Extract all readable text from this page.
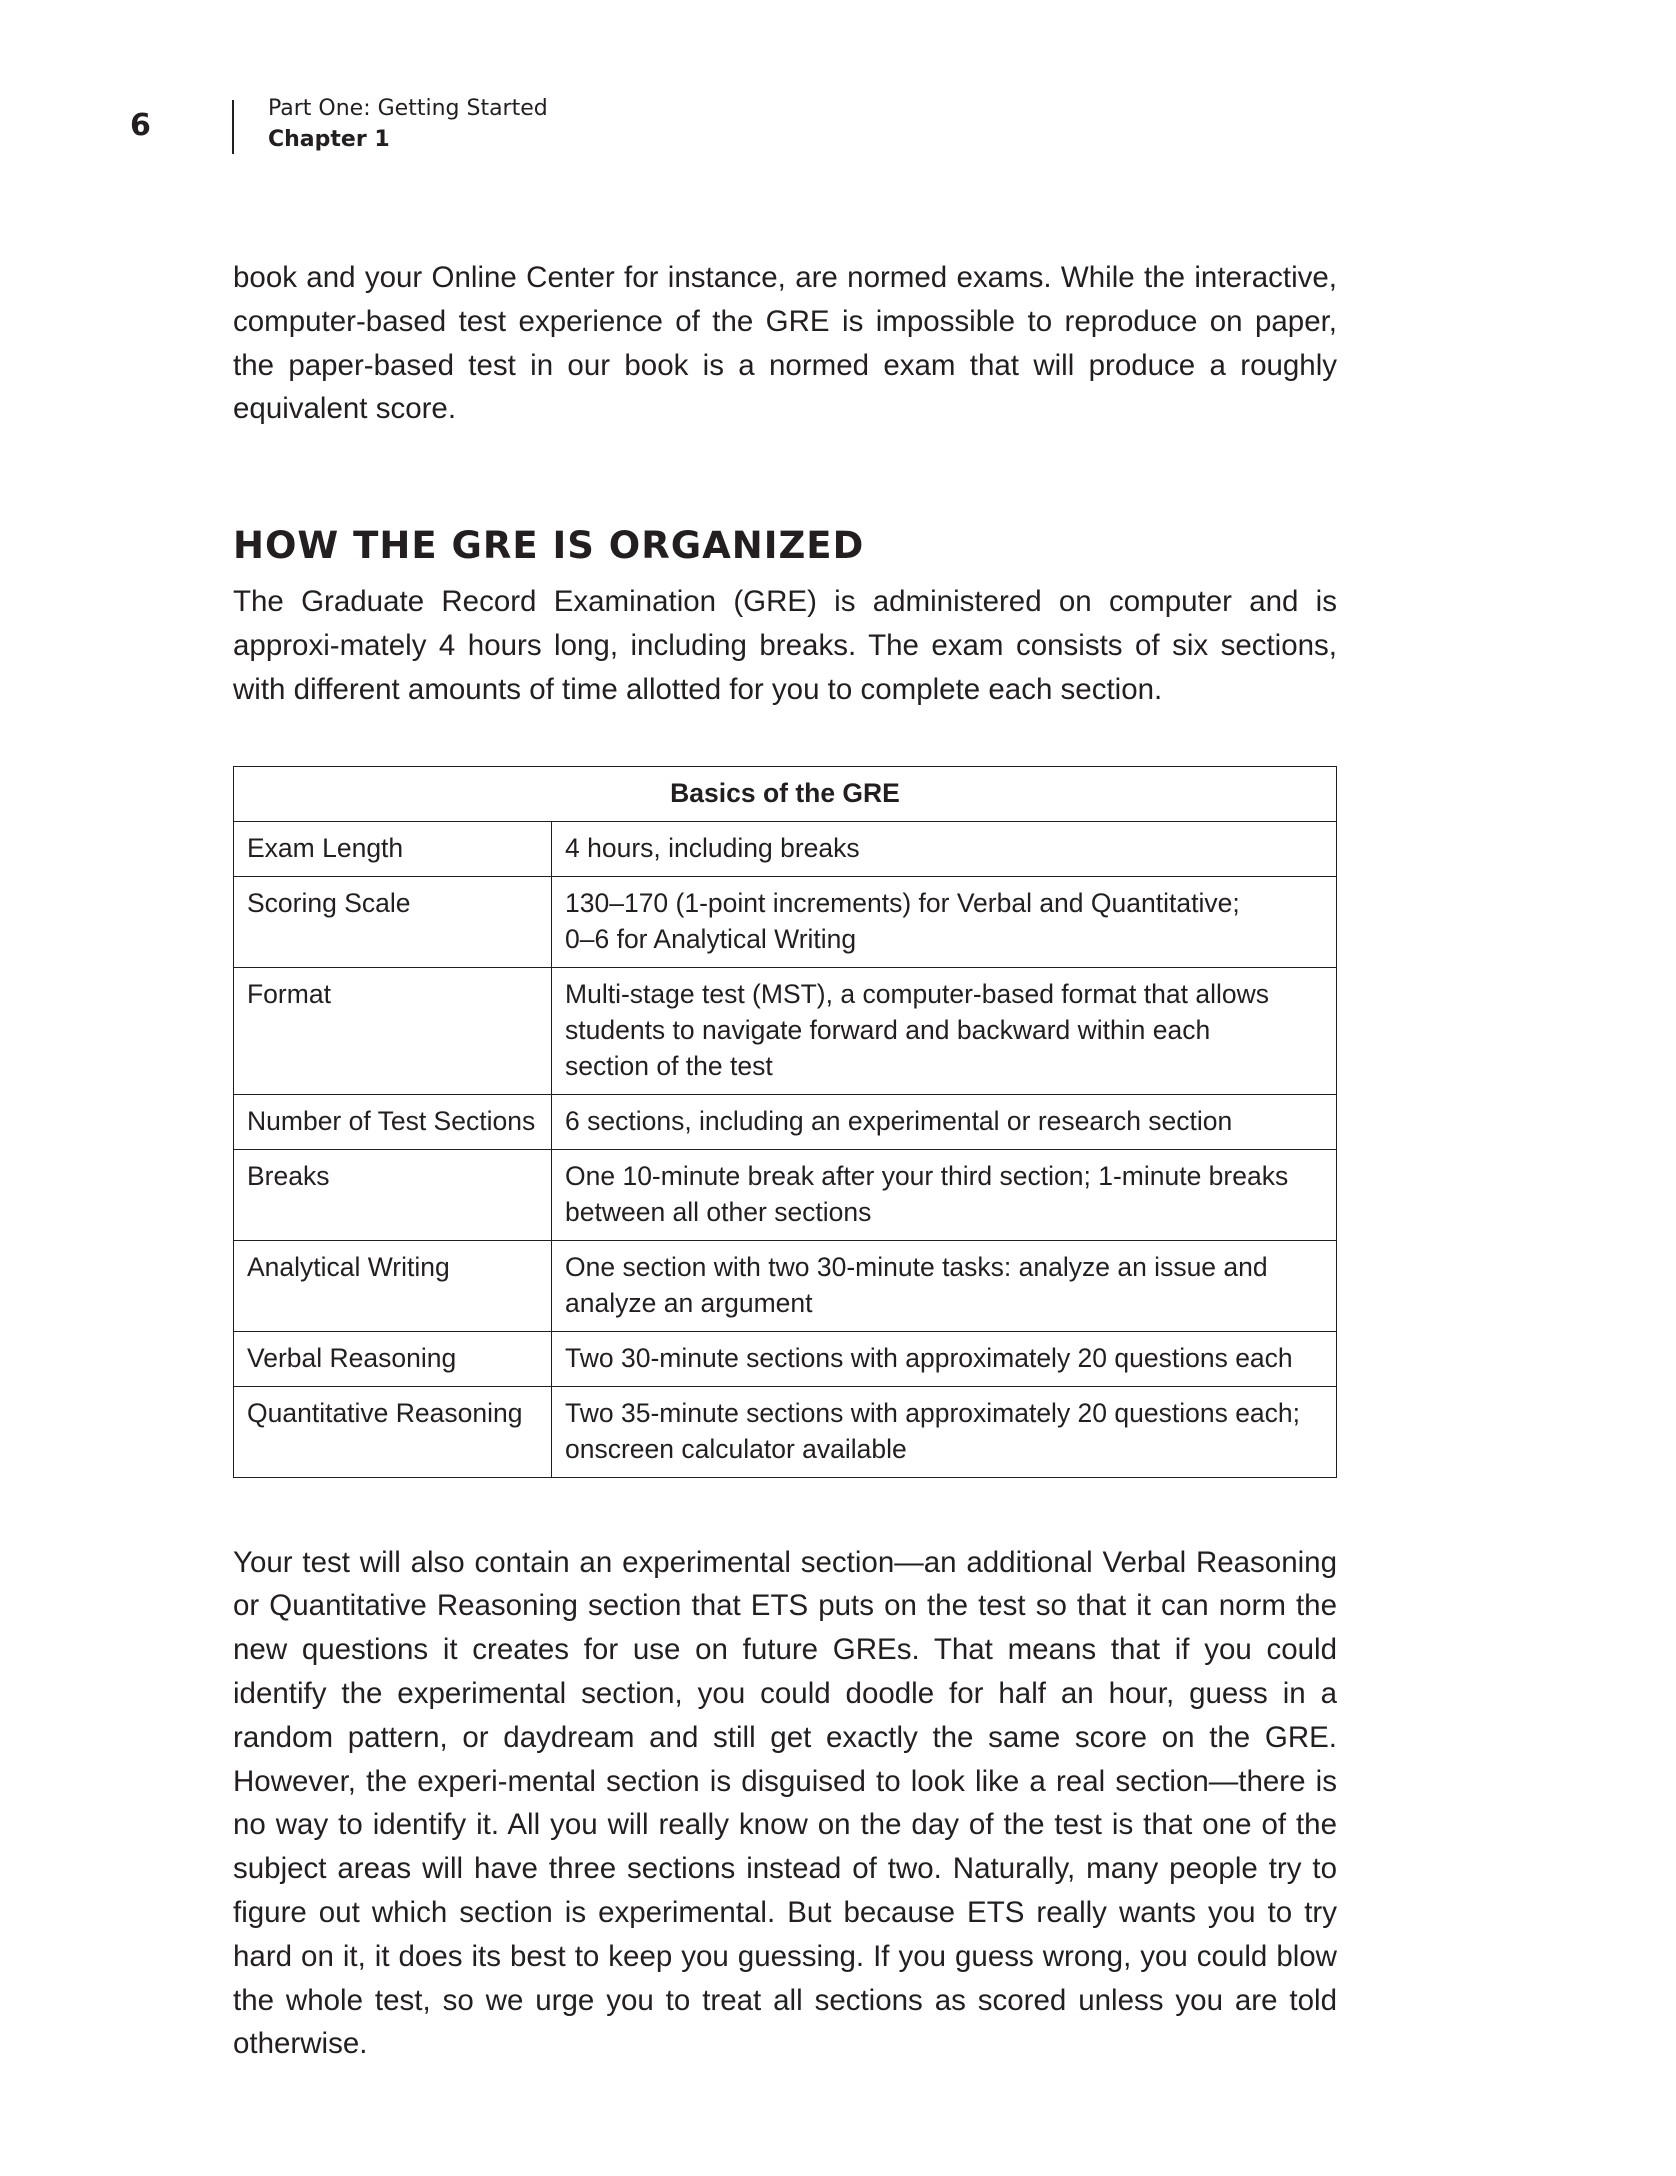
6	Part One: Getting Started
Chapter 1

book and your Online Center for instance, are normed exams. While the interactive, computer-based test experience of the GRE is impossible to reproduce on paper, the paper-based test in our book is a normed exam that will produce a roughly equivalent score.

HOW THE GRE IS ORGANIZED

The Graduate Record Examination (GRE) is administered on computer and is approxi-mately 4 hours long, including breaks. The exam consists of six sections, with different amounts of time allotted for you to complete each section.

Basics of the GRE	
Exam Length	4 hours, including breaks
Scoring Scale	130–170 (1-point increments) for Verbal and Quantitative;
0–6 for Analytical Writing

Format	Multi-stage test (MST), a computer-based format that allows students to navigate forward and backward within each section of the test
Number of Test Sections	6 sections, including an experimental or research section
Breaks	One 10-minute break after your third section; 1-minute breaks between all other sections
Analytical Writing	One section with two 30-minute tasks: analyze an issue and analyze an argument
Verbal Reasoning	Two 30-minute sections with approximately 20 questions each
Quantitative Reasoning	Two 35-minute sections with approximately 20 questions each; onscreen calculator available

Your test will also contain an experimental section—an additional Verbal Reasoning or Quantitative Reasoning section that ETS puts on the test so that it can norm the new questions it creates for use on future GREs. That means that if you could identify the experimental section, you could doodle for half an hour, guess in a random pattern, or daydream and still get exactly the same score on the GRE. However, the experi-mental section is disguised to look like a real section—there is no way to identify it. All you will really know on the day of the test is that one of the subject areas will have three sections instead of two. Naturally, many people try to figure out which section is experimental. But because ETS really wants you to try hard on it, it does its best to keep you guessing. If you guess wrong, you could blow the whole test, so we urge you to treat all sections as scored unless you are told otherwise.
